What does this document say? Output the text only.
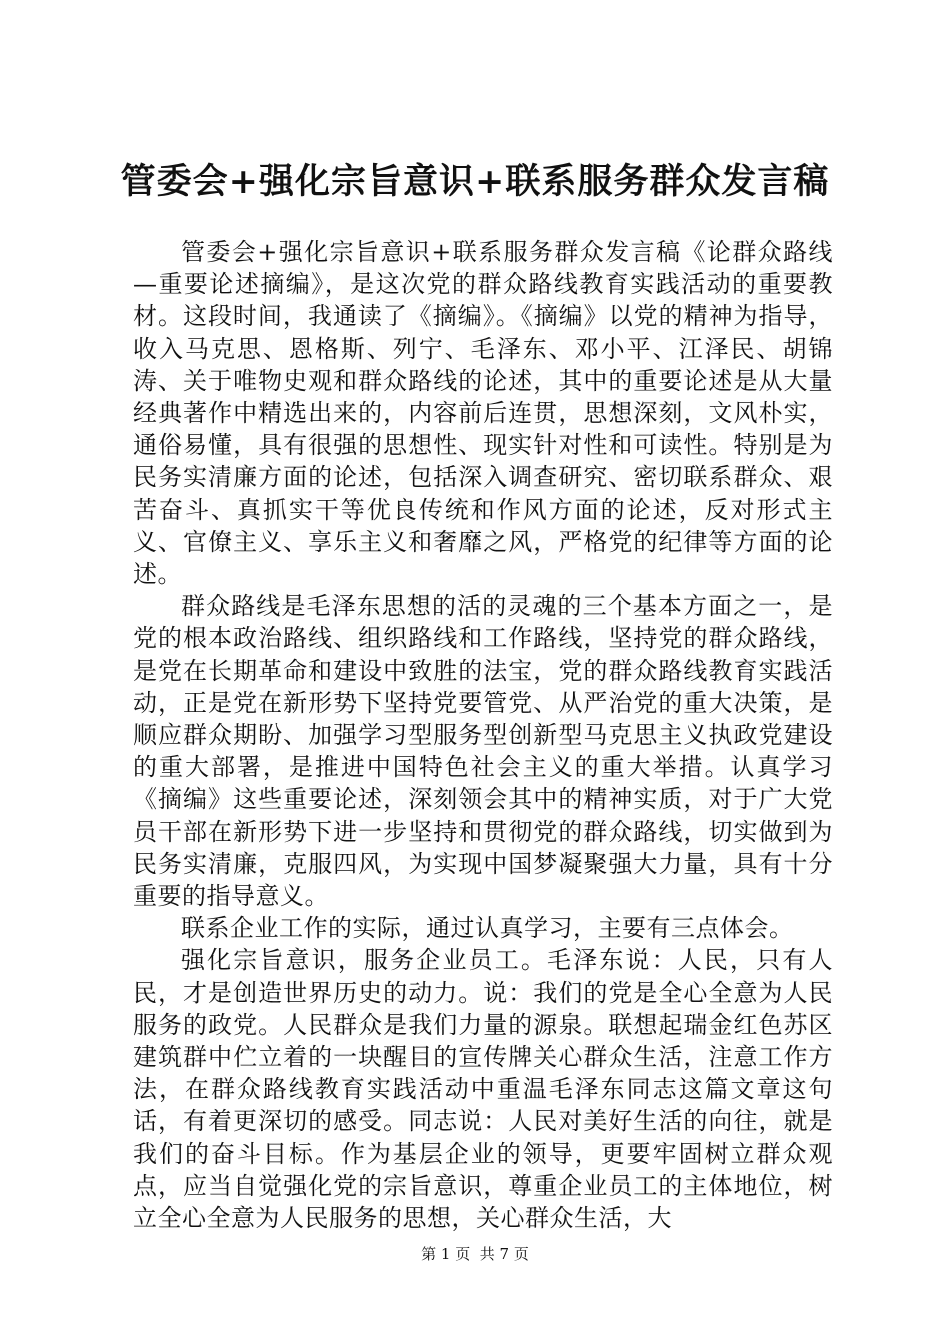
管委会+强化宗旨意识+联系服务群众发言稿

管委会+强化宗旨意识+联系服务群众发言稿《论群众路线—重要论述摘编》，是这次党的群众路线教育实践活动的重要教材。这段时间，我通读了《摘编》。《摘编》以党的精神为指导，收入马克思、恩格斯、列宁、毛泽东、邓小平、江泽民、胡锦涛、关于唯物史观和群众路线的论述，其中的重要论述是从大量经典著作中精选出来的，内容前后连贯，思想深刻，文风朴实，通俗易懂，具有很强的思想性、现实针对性和可读性。特别是为民务实清廉方面的论述，包括深入调查研究、密切联系群众、艰苦奋斗、真抓实干等优良传统和作风方面的论述，反对形式主义、官僚主义、享乐主义和奢靡之风，严格党的纪律等方面的论述。

群众路线是毛泽东思想的活的灵魂的三个基本方面之一，是党的根本政治路线、组织路线和工作路线，坚持党的群众路线，是党在长期革命和建设中致胜的法宝，党的群众路线教育实践活动，正是党在新形势下坚持党要管党、从严治党的重大决策，是顺应群众期盼、加强学习型服务型创新型马克思主义执政党建设的重大部署，是推进中国特色社会主义的重大举措。认真学习《摘编》这些重要论述，深刻领会其中的精神实质，对于广大党员干部在新形势下进一步坚持和贯彻党的群众路线，切实做到为民务实清廉，克服四风，为实现中国梦凝聚强大力量，具有十分重要的指导意义。

联系企业工作的实际，通过认真学习，主要有三点体会。

强化宗旨意识，服务企业员工。毛泽东说：人民，只有人民，才是创造世界历史的动力。说：我们的党是全心全意为人民服务的政党。人民群众是我们力量的源泉。联想起瑞金红色苏区建筑群中伫立着的一块醒目的宣传牌关心群众生活，注意工作方法，在群众路线教育实践活动中重温毛泽东同志这篇文章这句话，有着更深切的感受。同志说：人民对美好生活的向往，就是我们的奋斗目标。作为基层企业的领导，更要牢固树立群众观点，应当自觉强化党的宗旨意识，尊重企业员工的主体地位，树立全心全意为人民服务的思想，关心群众生活，大

第 1 页  共 7 页
